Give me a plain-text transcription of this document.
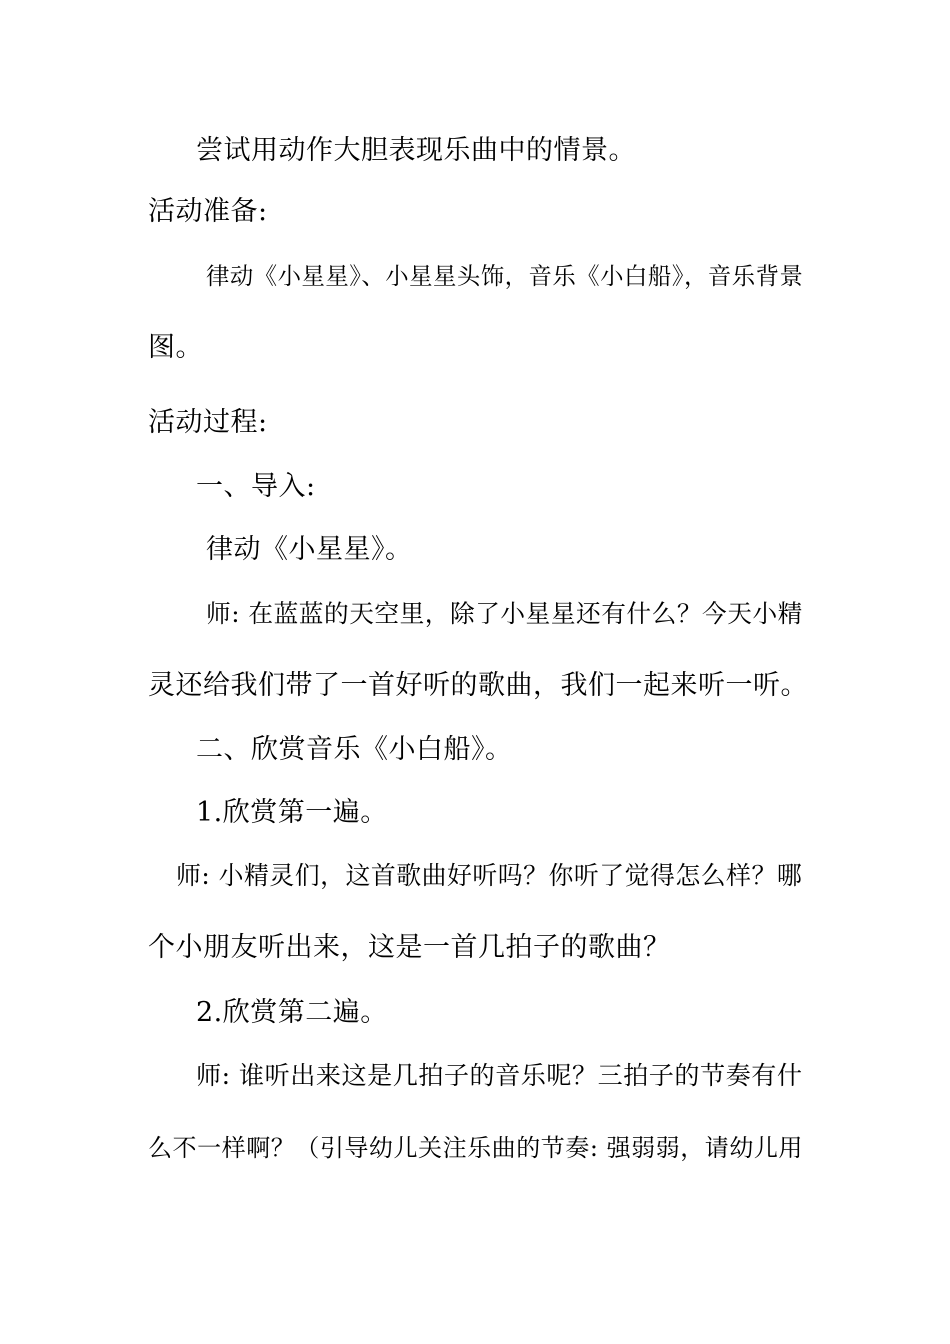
尝试用动作大胆表现乐曲中的情景。
活动准备:
律动《小星星》、小星星头饰，音乐《小白船》，音乐背景
图。
活动过程:
一、导入:
律动《小星星》。
师: 在蓝蓝的天空里，除了小星星还有什么？今天小精
灵还给我们带了一首好听的歌曲，我们一起来听一听。
二、欣赏音乐《小白船》。
1.欣赏第一遍。
师: 小精灵们，这首歌曲好听吗？你听了觉得怎么样？哪
个小朋友听出来，这是一首几拍子的歌曲？
2.欣赏第二遍。
师: 谁听出来这是几拍子的音乐呢？三拍子的节奏有什
么不一样啊？（引导幼儿关注乐曲的节奏: 强弱弱，请幼儿用
